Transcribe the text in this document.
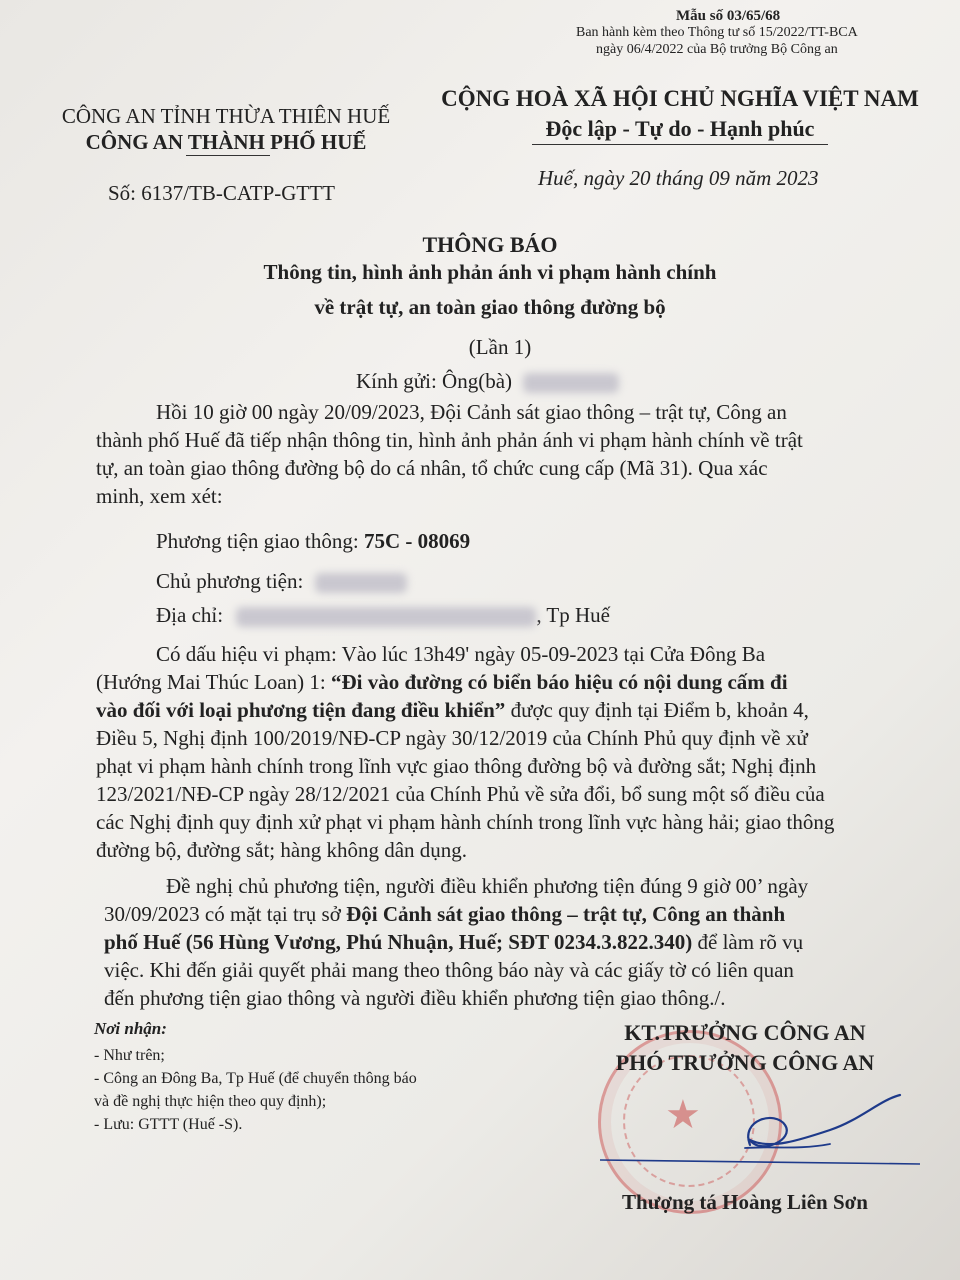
Mẫu số 03/65/68
Ban hành kèm theo Thông tư số 15/2022/TT-BCA
ngày 06/4/2022 của Bộ trưởng Bộ Công an
CÔNG AN TỈNH THỪA THIÊN HUẾ
CÔNG AN THÀNH PHỐ HUẾ
Số: 6137/TB-CATP-GTTT
CỘNG HOÀ XÃ HỘI CHỦ NGHĨA VIỆT NAM
Độc lập - Tự do - Hạnh phúc
Huế, ngày 20 tháng 09 năm 2023
THÔNG BÁO
Thông tin, hình ảnh phản ánh vi phạm hành chính
về trật tự, an toàn giao thông đường bộ
(Lần 1)
Kính gửi: Ông(bà)
Hồi 10 giờ 00 ngày 20/09/2023, Đội Cảnh sát giao thông – trật tự, Công an
thành phố Huế đã tiếp nhận thông tin, hình ảnh phản ánh vi phạm hành chính về trật
tự, an toàn giao thông đường bộ do cá nhân, tổ chức cung cấp (Mã 31). Qua xác
minh, xem xét:
Phương tiện giao thông: 75C - 08069
Chủ phương tiện:
Địa chỉ:	, Tp Huế
Có dấu hiệu vi phạm: Vào lúc 13h49' ngày 05-09-2023 tại Cửa Đông Ba
(Hướng Mai Thúc Loan) 1: “Đi vào đường có biển báo hiệu có nội dung cấm đi
vào đối với loại phương tiện đang điều khiển” được quy định tại Điểm b, khoản 4,
Điều 5, Nghị định 100/2019/NĐ-CP ngày 30/12/2019 của Chính Phủ quy định về xử
phạt vi phạm hành chính trong lĩnh vực giao thông đường bộ và đường sắt; Nghị định
123/2021/NĐ-CP ngày 28/12/2021 của Chính Phủ về sửa đổi, bổ sung một số điều của
các Nghị định quy định xử phạt vi phạm hành chính trong lĩnh vực hàng hải; giao thông
đường bộ, đường sắt; hàng không dân dụng.
Đề nghị chủ phương tiện, người điều khiển phương tiện đúng 9 giờ 00’ ngày
30/09/2023 có mặt tại trụ sở Đội Cảnh sát giao thông – trật tự, Công an thành
phố Huế (56 Hùng Vương, Phú Nhuận, Huế; SĐT 0234.3.822.340) để làm rõ vụ
việc. Khi đến giải quyết phải mang theo thông báo này và các giấy tờ có liên quan
đến phương tiện giao thông và người điều khiển phương tiện giao thông./.
Nơi nhận:
- Như trên;
- Công an Đông Ba, Tp Huế (để chuyển thông báo
và đề nghị thực hiện theo quy định);
- Lưu: GTTT (Huế -S).	★
KT.TRƯỞNG CÔNG AN
PHÓ TRƯỞNG CÔNG AN
Thượng tá Hoàng Liên Sơn
